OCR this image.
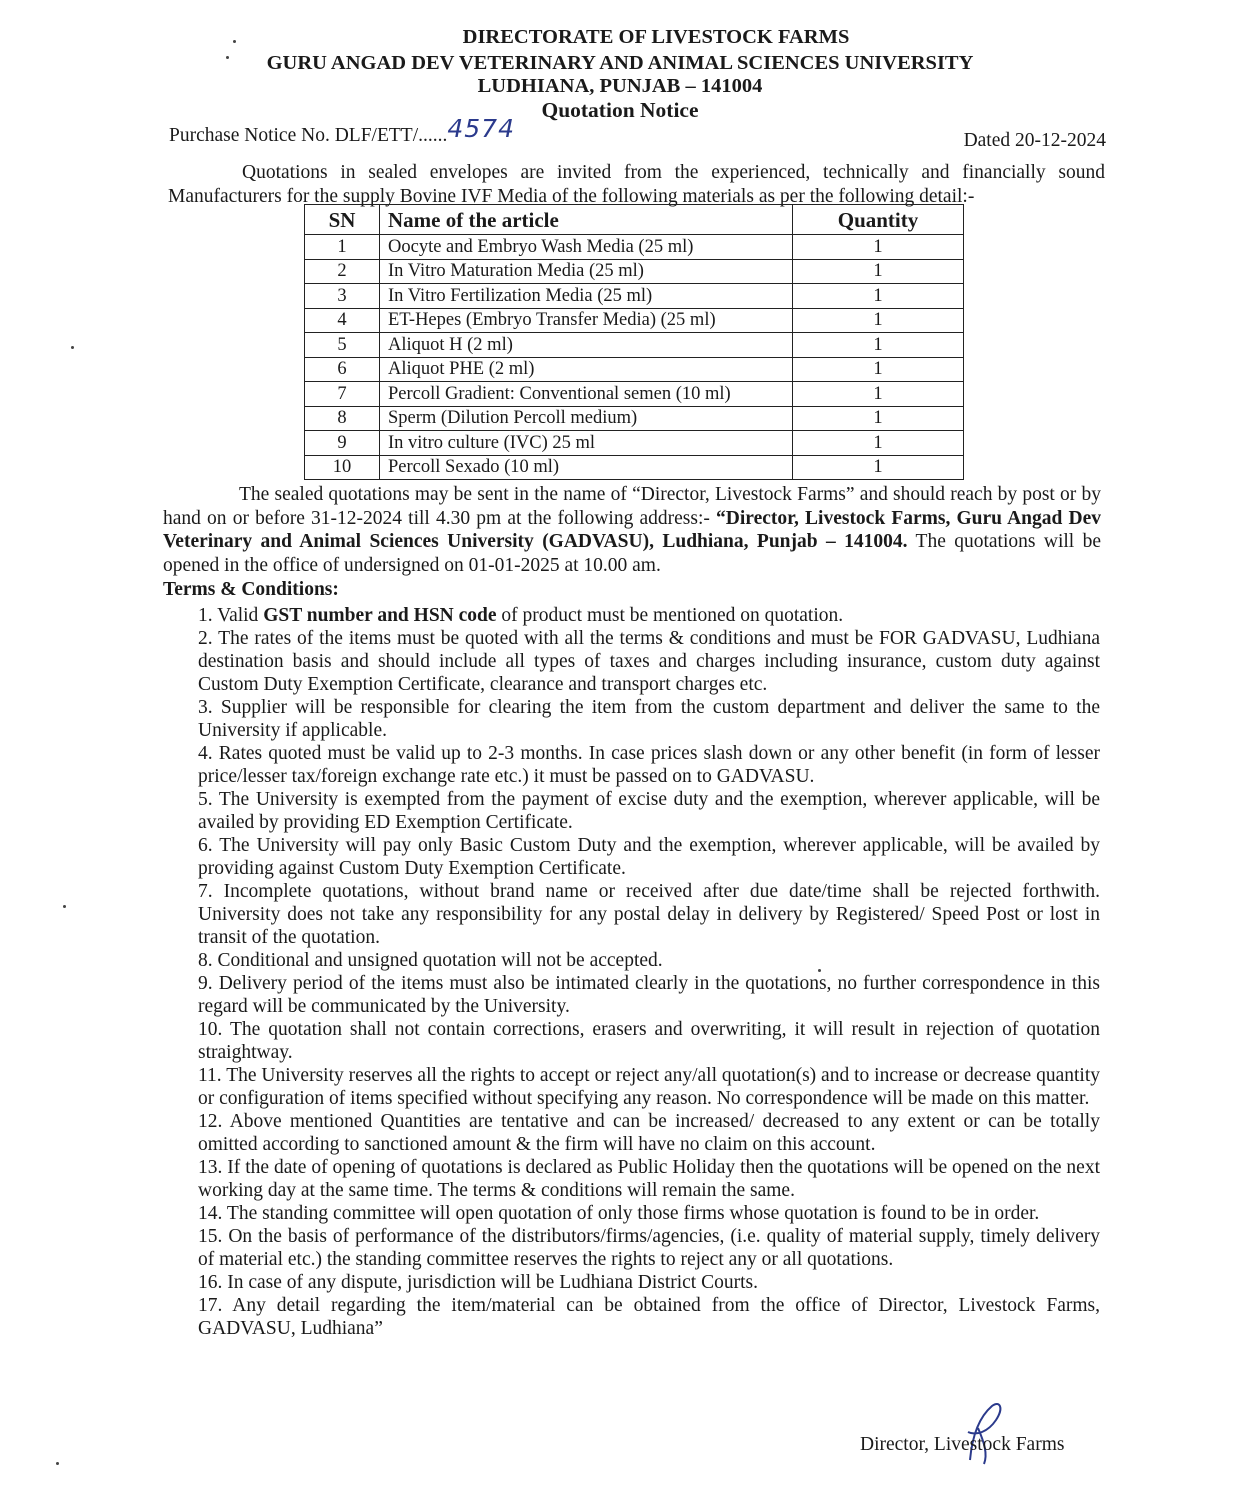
DIRECTORATE OF LIVESTOCK FARMS
GURU ANGAD DEV VETERINARY AND ANIMAL SCIENCES UNIVERSITY
LUDHIANA, PUNJAB – 141004
Quotation Notice
Purchase Notice No. DLF/ETT/......4574	Dated 20-12-2024
Quotations in sealed envelopes are invited from the experienced, technically and financially sound Manufacturers for the supply Bovine IVF Media of the following materials as per the following detail:-
SN	Name of the article	Quantity
1	Oocyte and Embryo Wash Media (25 ml)	1
2	In Vitro Maturation Media (25 ml)	1
3	In Vitro Fertilization Media (25 ml)	1
4	ET-Hepes (Embryo Transfer Media) (25 ml)	1
5	Aliquot H (2 ml)	1
6	Aliquot PHE (2 ml)	1
7	Percoll Gradient: Conventional semen (10 ml)	1
8	Sperm (Dilution Percoll medium)	1
9	In vitro culture (IVC) 25 ml	1
10	Percoll Sexado (10 ml)	1
The sealed quotations may be sent in the name of “Director, Livestock Farms” and should reach by post or by hand on or before 31-12-2024 till 4.30 pm at the following address:- “Director, Livestock Farms, Guru Angad Dev Veterinary and Animal Sciences University (GADVASU), Ludhiana, Punjab – 141004. The quotations will be opened in the office of undersigned on 01-01-2025 at 10.00 am.
Terms & Conditions:
1. Valid GST number and HSN code of product must be mentioned on quotation.
2. The rates of the items must be quoted with all the terms & conditions and must be FOR GADVASU, Ludhiana destination basis and should include all types of taxes and charges including insurance, custom duty against Custom Duty Exemption Certificate, clearance and transport charges etc.
3. Supplier will be responsible for clearing the item from the custom department and deliver the same to the University if applicable.
4. Rates quoted must be valid up to 2-3 months. In case prices slash down or any other benefit (in form of lesser price/lesser tax/foreign exchange rate etc.) it must be passed on to GADVASU.
5. The University is exempted from the payment of excise duty and the exemption, wherever applicable, will be availed by providing ED Exemption Certificate.
6. The University will pay only Basic Custom Duty and the exemption, wherever applicable, will be availed by providing against Custom Duty Exemption Certificate.
7. Incomplete quotations, without brand name or received after due date/time shall be rejected forthwith. University does not take any responsibility for any postal delay in delivery by Registered/ Speed Post or lost in transit of the quotation.
8. Conditional and unsigned quotation will not be accepted.
9. Delivery period of the items must also be intimated clearly in the quotations, no further correspondence in this regard will be communicated by the University.
10. The quotation shall not contain corrections, erasers and overwriting, it will result in rejection of quotation straightway.
11. The University reserves all the rights to accept or reject any/all quotation(s) and to increase or decrease quantity or configuration of items specified without specifying any reason. No correspondence will be made on this matter.
12. Above mentioned Quantities are tentative and can be increased/ decreased to any extent or can be totally omitted according to sanctioned amount & the firm will have no claim on this account.
13. If the date of opening of quotations is declared as Public Holiday then the quotations will be opened on the next working day at the same time. The terms & conditions will remain the same.
14. The standing committee will open quotation of only those firms whose quotation is found to be in order.
15. On the basis of performance of the distributors/firms/agencies, (i.e. quality of material supply, timely delivery of material etc.) the standing committee reserves the rights to reject any or all quotations.
16. In case of any dispute, jurisdiction will be Ludhiana District Courts.
17. Any detail regarding the item/material can be obtained from the office of Director, Livestock Farms, GADVASU, Ludhiana”
Director, Livestock Farms
